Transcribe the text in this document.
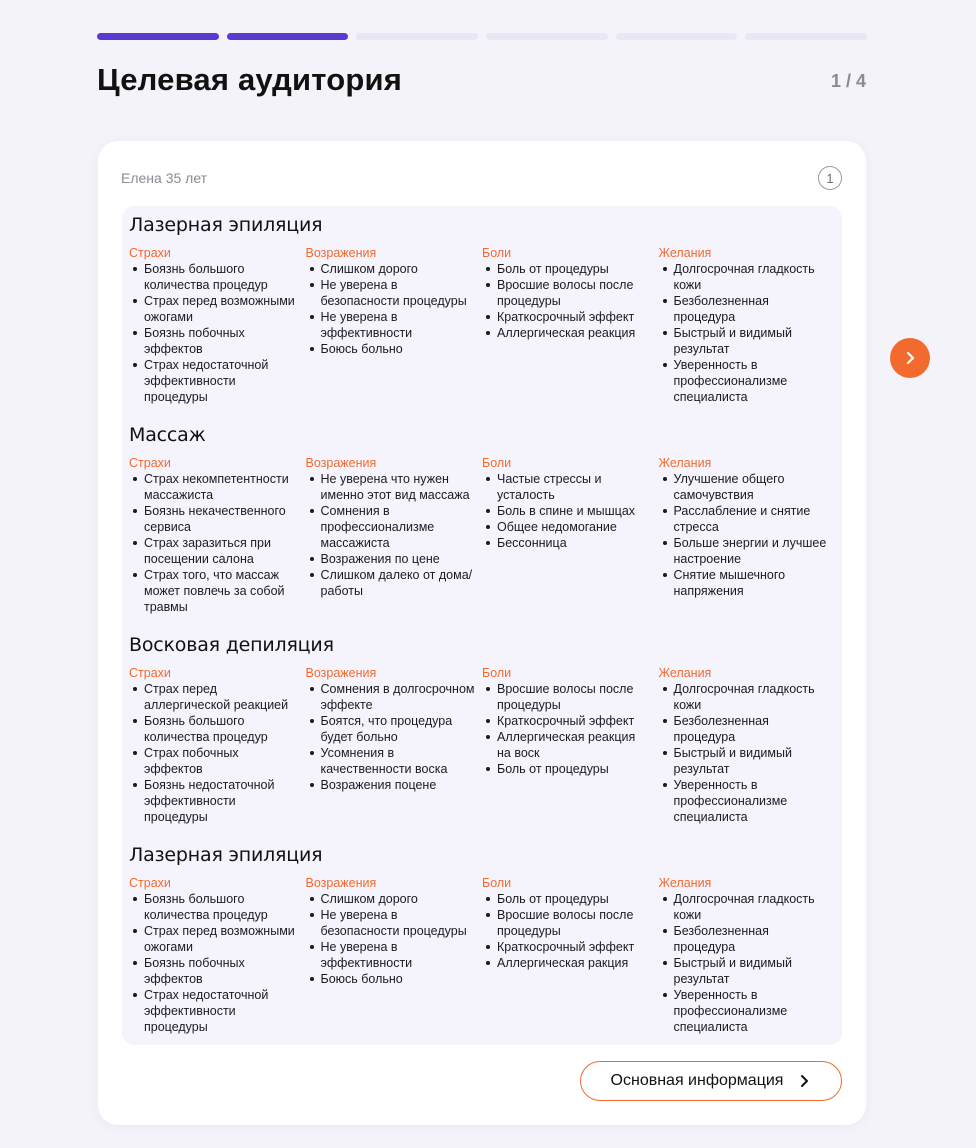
Целевая аудитория	1 / 4
Елена 35 лет	1
Лазерная эпиляция
Страхи
Боязнь большого количества процедур
Страх перед возможными ожогами
Боязнь побочных эффектов
Страх недостаточной эффективности процедуры
Возражения
Слишком дорого
Не уверена в безопасности процедуры
Не уверена в эффективности
Боюсь больно
Боли
Боль от процедуры
Вросшие волосы после процедуры
Краткосрочный эффект
Аллергическая реакция
Желания
Долгосрочная гладкость кожи
Безболезненная процедура
Быстрый и видимый результат
Уверенность в профессионализме специалиста
Массаж
Страхи
Страх некомпетентности массажиста
Боязнь некачественного сервиса
Страх заразиться при посещении салона
Страх того, что массаж может повлечь за собой травмы
Возражения
Не уверена что нужен именно этот вид массажа
Сомнения в профессионализме массажиста
Возражения по цене
Слишком далеко от дома/работы
Боли
Частые стрессы и усталость
Боль в спине и мышцах
Общее недомогание
Бессонница
Желания
Улучшение общего самочувствия
Расслабление и снятие стресса
Больше энергии и лучшее настроение
Снятие мышечного напряжения
Восковая депиляция
Страхи
Страх перед аллергической реакцией
Боязнь большого количества процедур
Страх побочных эффектов
Боязнь недостаточной эффективности процедуры
Возражения
Сомнения в долгосрочном эффекте
Боятся, что процедура будет больно
Усомнения в качественности воска
Возражения поцене
Боли
Вросшие волосы после процедуры
Краткосрочный эффект
Аллергическая реакция на воск
Боль от процедуры
Желания
Долгосрочная гладкость кожи
Безболезненная процедура
Быстрый и видимый результат
Уверенность в профессионализме специалиста
Лазерная эпиляция
Страхи
Боязнь большого количества процедур
Страх перед возможными ожогами
Боязнь побочных эффектов
Страх недостаточной эффективности процедуры
Возражения
Слишком дорого
Не уверена в безопасности процедуры
Не уверена в эффективности
Боюсь больно
Боли
Боль от процедуры
Вросшие волосы после процедуры
Краткосрочный эффект
Аллергическая ракция
Желания
Долгосрочная гладкость кожи
Безболезненная процедура
Быстрый и видимый результат
Уверенность в профессионализме специалиста
Основная информация
